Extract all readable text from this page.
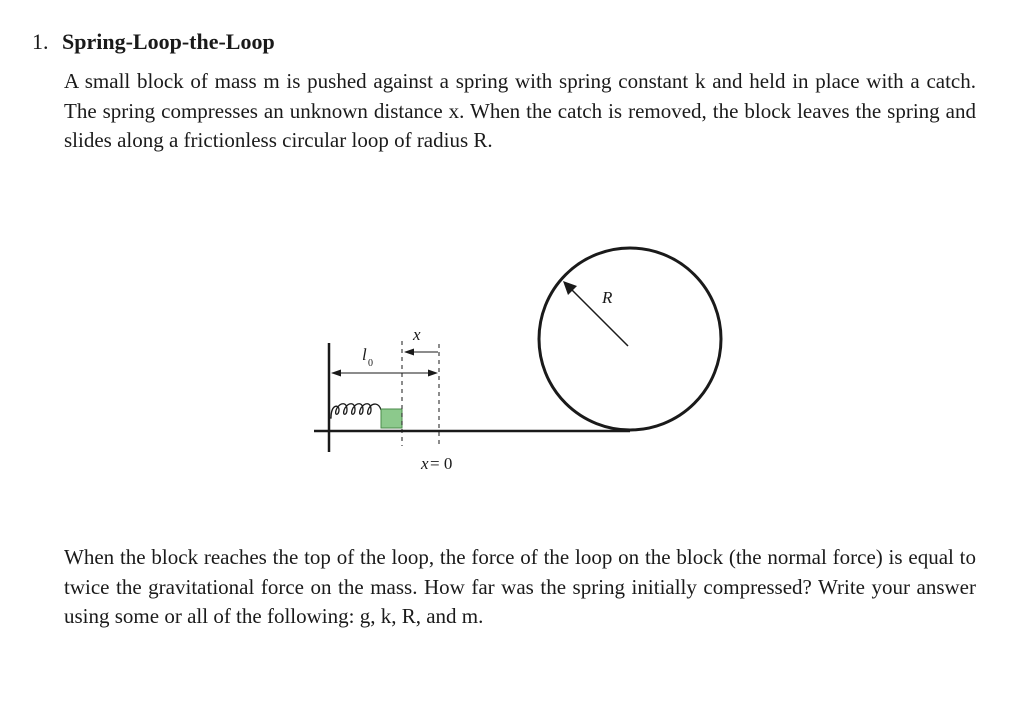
1. Spring-Loop-the-Loop

A small block of mass m is pushed against a spring with spring constant k and held in place with a catch. The spring compresses an unknown distance x. When the catch is removed, the block leaves the spring and slides along a frictionless circular loop of radius R.

R
x
l 0
x = 0

When the block reaches the top of the loop, the force of the loop on the block (the normal force) is equal to twice the gravitational force on the mass. How far was the spring initially compressed? Write your answer using some or all of the following: g, k, R, and m.
